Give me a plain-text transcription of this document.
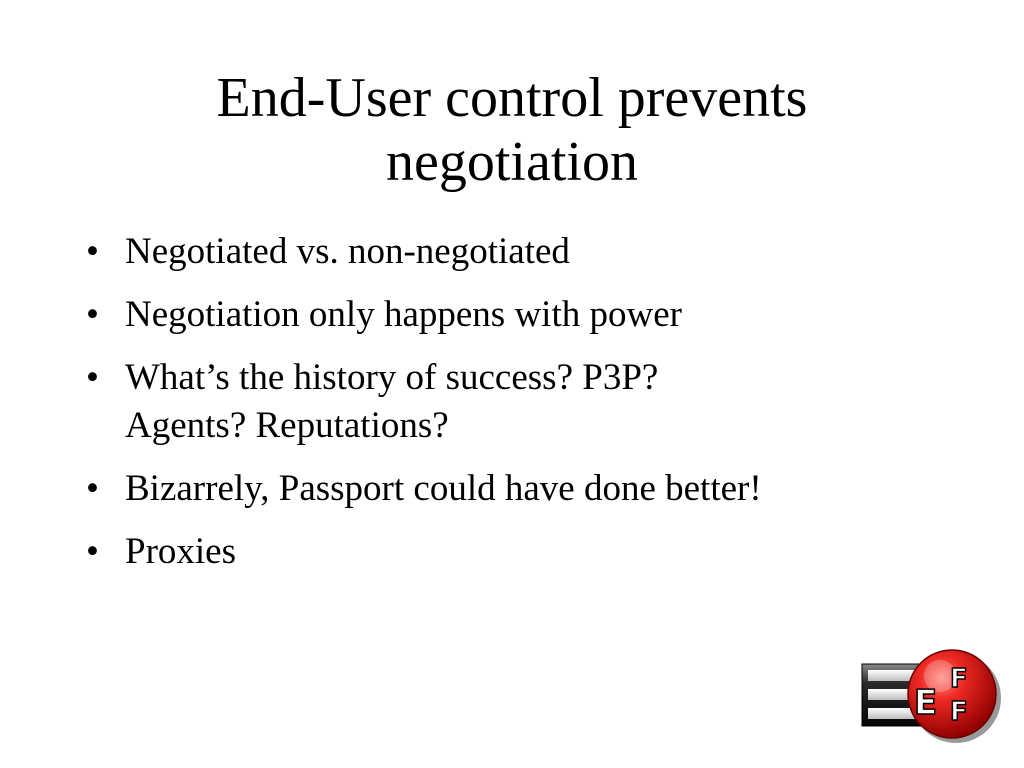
End-User control prevents
negotiation
• Negotiated vs. non-negotiated
• Negotiation only happens with power
• What’s the history of success? P3P?
Agents? Reputations?
• Bizarrely, Passport could have done better!
• Proxies
E
F
F
